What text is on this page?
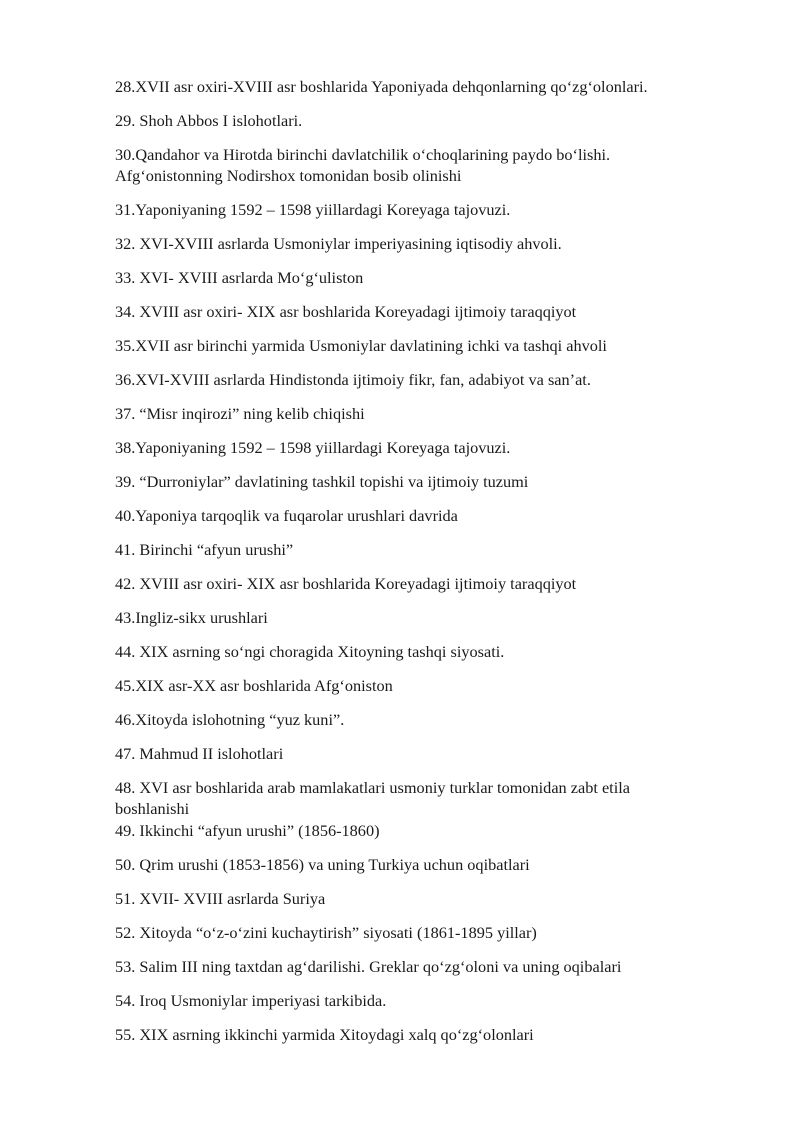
28.XVII asr oxiri-XVIII asr boshlarida Yaponiyada dehqonlarning qo‘zg‘olonlari.
29. Shoh Abbos I islohotlari.
30.Qandahor va Hirotda birinchi davlatchilik o‘choqlarining paydo bo‘lishi.
Afg‘onistonning Nodirshox tomonidan bosib olinishi
31.Yaponiyaning 1592 – 1598 yiillardagi Koreyaga tajovuzi.
32. XVI-XVIII asrlarda Usmoniylar imperiyasining iqtisodiy ahvoli.
33. XVI- XVIII asrlarda Mo‘g‘uliston
34. XVIII asr oxiri- XIX asr boshlarida Koreyadagi ijtimoiy taraqqiyot
35.XVII asr birinchi yarmida Usmoniylar davlatining ichki va tashqi ahvoli
36.XVI-XVIII asrlarda Hindistonda ijtimoiy fikr, fan, adabiyot va san’at.
37. “Misr inqirozi” ning kelib chiqishi
38.Yaponiyaning 1592 – 1598 yiillardagi Koreyaga tajovuzi.
39. “Durroniylar” davlatining tashkil topishi va ijtimoiy tuzumi
40.Yaponiya tarqoqlik va fuqarolar urushlari davrida
41. Birinchi “afyun urushi”
42. XVIII asr oxiri- XIX asr boshlarida Koreyadagi ijtimoiy taraqqiyot
43.Ingliz-sikx urushlari
44. XIX asrning so‘ngi choragida Xitoyning tashqi siyosati.
45.XIX asr-XX asr boshlarida Afg‘oniston
46.Xitoyda islohotning “yuz kuni”.
47. Mahmud II islohotlari
48. XVI asr boshlarida arab mamlakatlari usmoniy turklar tomonidan zabt etila
boshlanishi
49. Ikkinchi “afyun urushi” (1856-1860)
50. Qrim urushi (1853-1856) va uning Turkiya uchun oqibatlari
51. XVII- XVIII asrlarda Suriya
52. Xitoyda “o‘z-o‘zini kuchaytirish” siyosati (1861-1895 yillar)
53. Salim III ning taxtdan ag‘darilishi. Greklar qo‘zg‘oloni va uning oqibalari
54. Iroq Usmoniylar imperiyasi tarkibida.
55. XIX asrning ikkinchi yarmida Xitoydagi xalq qo‘zg‘olonlari
